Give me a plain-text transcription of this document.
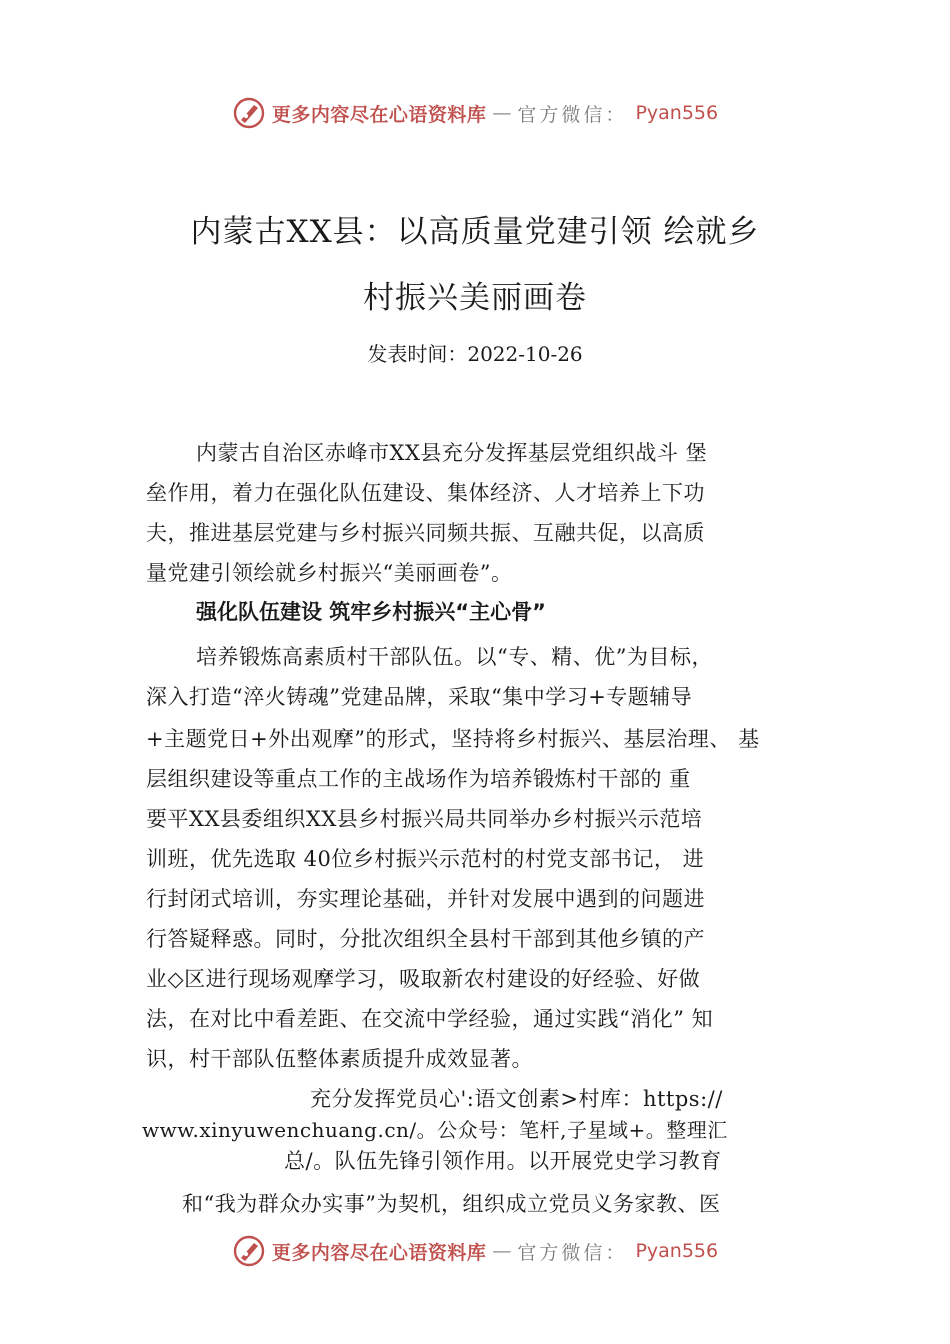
更多内容尽在心语资料库 — 官方微信： Pyan556
内蒙古XX县：以高质量党建引领 绘就乡
村振兴美丽画卷
发表时间：2022-10-26
内蒙古自治区赤峰市XX县充分发挥基层党组织战斗 堡
垒作用，着力在强化队伍建设、集体经济、人才培养上下功
夫，推进基层党建与乡村振兴同频共振、互融共促，以高质
量党建引领绘就乡村振兴“美丽画卷”。
强化队伍建设 筑牢乡村振兴“主心骨”
培养锻炼高素质村干部队伍。以“专、精、优”为目标，
深入打造“淬火铸魂”党建品牌，采取“集中学习+专题辅导
+主题党日+外出观摩”的形式，坚持将乡村振兴、基层治理、 基
层组织建设等重点工作的主战场作为培养锻炼村干部的 重
要平XX县委组织XX县乡村振兴局共同举办乡村振兴示范培
训班，优先选取 40位乡村振兴示范村的村党支部书记， 进
行封闭式培训，夯实理论基础，并针对发展中遇到的问题进
行答疑释惑。同时，分批次组织全县村干部到其他乡镇的产
业◇区进行现场观摩学习，吸取新农村建设的好经验、好做
法，在对比中看差距、在交流中学经验，通过实践“消化” 知
识，村干部队伍整体素质提升成效显著。
充分发挥党员心':语文创素>村库：https://
www.xinyuwenchuang.cn/。公众号：笔杆,子星域+。整理汇
总/。队伍先锋引领作用。以开展党史学习教育
和“我为群众办实事”为契机，组织成立党员义务家教、医
更多内容尽在心语资料库 — 官方微信： Pyan556
